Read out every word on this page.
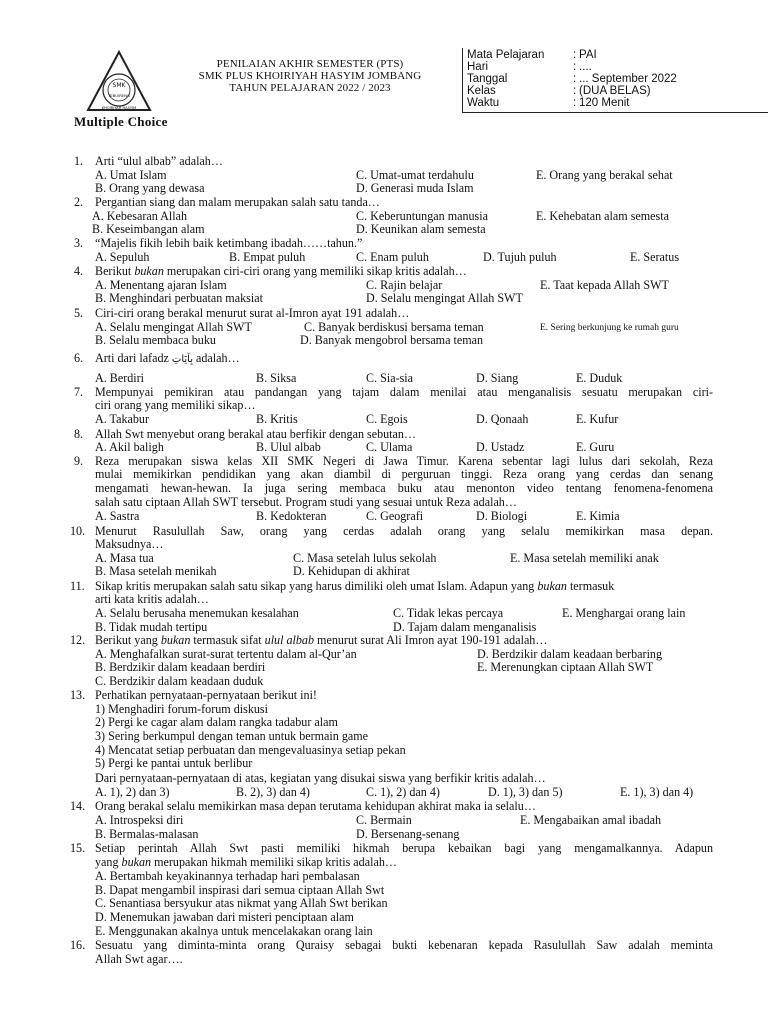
SMK
TEBUIRENG
KHOIRIYAH HASYIM
PENILAIAN AKHIR SEMESTER (PTS)
SMK PLUS KHOIRIYAH HASYIM JOMBANG
TAHUN PELAJARAN 2022 / 2023
Mata Pelajaran : PAI
Hari	: ....
Tanggal	: ... September 2022
Kelas	: (DUA BELAS)
Waktu	: 120 Menit
Multiple Choice
1. Arti “ulul albab” adalah…
A. Umat Islam	C. Umat-umat terdahulu	E. Orang yang berakal sehat
B. Orang yang dewasa	D. Generasi muda Islam
2. Pergantian siang dan malam merupakan salah satu tanda…
A. Kebesaran Allah	C. Keberuntungan manusia	E. Kehebatan alam semesta
B. Keseimbangan alam	D. Keunikan alam semesta
3. “Majelis fikih lebih baik ketimbang ibadah……tahun.”
A. Sepuluh	B. Empat puluh	C. Enam puluh	D. Tujuh puluh	E. Seratus
4. Berikut bukan merupakan ciri-ciri orang yang memiliki sikap kritis adalah…
A. Menentang ajaran Islam	C. Rajin belajar	E. Taat kepada Allah SWT
B. Menghindari perbuatan maksiat	D. Selalu mengingat Allah SWT
5. Ciri-ciri orang berakal menurut surat al-Imron ayat 191 adalah…
A. Selalu mengingat Allah SWT	C. Banyak berdiskusi bersama teman	E. Sering berkunjung ke rumah guru
B. Selalu membaca buku	D. Banyak mengobrol bersama teman
6. Arti dari lafadz بِآيَاتِ adalah…
A. Berdiri	B. Siksa	C. Sia-sia	D. Siang	E. Duduk
7. Mempunyai pemikiran atau pandangan yang tajam dalam menilai atau menganalisis sesuatu merupakan ciri-
ciri orang yang memiliki sikap…
A. Takabur	B. Kritis	C. Egois	D. Qonaah	E. Kufur
8. Allah Swt menyebut orang berakal atau berfikir dengan sebutan…
A. Akil baligh	B. Ulul albab	C. Ulama	D. Ustadz	E. Guru
9. Reza merupakan siswa kelas XII SMK Negeri di Jawa Timur. Karena sebentar lagi lulus dari sekolah, Reza
mulai memikirkan pendidikan yang akan diambil di perguruan tinggi. Reza orang yang cerdas dan senang
mengamati hewan-hewan. Ia juga sering membaca buku atau menonton video tentang fenomena-fenomena
salah satu ciptaan Allah SWT tersebut. Program studi yang sesuai untuk Reza adalah…
A. Sastra	B. Kedokteran	C. Geografi	D. Biologi	E. Kimia
10. Menurut Rasulullah Saw, orang yang cerdas adalah orang yang selalu memikirkan masa depan.
Maksudnya…
A. Masa tua	C. Masa setelah lulus sekolah	E. Masa setelah memiliki anak
B. Masa setelah menikah	D. Kehidupan di akhirat
11. Sikap kritis merupakan salah satu sikap yang harus dimiliki oleh umat Islam. Adapun yang bukan termasuk
arti kata kritis adalah…
A. Selalu berusaha menemukan kesalahan	C. Tidak lekas percaya	E. Menghargai orang lain
B. Tidak mudah tertipu	D. Tajam dalam menganalisis
12. Berikut yang bukan termasuk sifat ulul albab menurut surat Ali Imron ayat 190-191 adalah…
A. Menghafalkan surat-surat tertentu dalam al-Qur’an	D. Berdzikir dalam keadaan berbaring
B. Berdzikir dalam keadaan berdiri	E. Merenungkan ciptaan Allah SWT
C. Berdzikir dalam keadaan duduk
13. Perhatikan pernyataan-pernyataan berikut ini!
1) Menghadiri forum-forum diskusi
2) Pergi ke cagar alam dalam rangka tadabur alam
3) Sering berkumpul dengan teman untuk bermain game
4) Mencatat setiap perbuatan dan mengevaluasinya setiap pekan
5) Pergi ke pantai untuk berlibur
Dari pernyataan-pernyataan di atas, kegiatan yang disukai siswa yang berfikir kritis adalah…
A. 1), 2) dan 3)	B. 2), 3) dan 4)	C. 1), 2) dan 4)	D. 1), 3) dan 5)	E. 1), 3) dan 4)
14. Orang berakal selalu memikirkan masa depan terutama kehidupan akhirat maka ia selalu…
A. Introspeksi diri	C. Bermain	E. Mengabaikan amal ibadah
B. Bermalas-malasan	D. Bersenang-senang
15. Setiap perintah Allah Swt pasti memiliki hikmah berupa kebaikan bagi yang mengamalkannya. Adapun
yang bukan merupakan hikmah memiliki sikap kritis adalah…
A. Bertambah keyakinannya terhadap hari pembalasan
B. Dapat mengambil inspirasi dari semua ciptaan Allah Swt
C. Senantiasa bersyukur atas nikmat yang Allah Swt berikan
D. Menemukan jawaban dari misteri penciptaan alam
E. Menggunakan akalnya untuk mencelakakan orang lain
16. Sesuatu yang diminta-minta orang Quraisy sebagai bukti kebenaran kepada Rasulullah Saw adalah meminta
Allah Swt agar….
